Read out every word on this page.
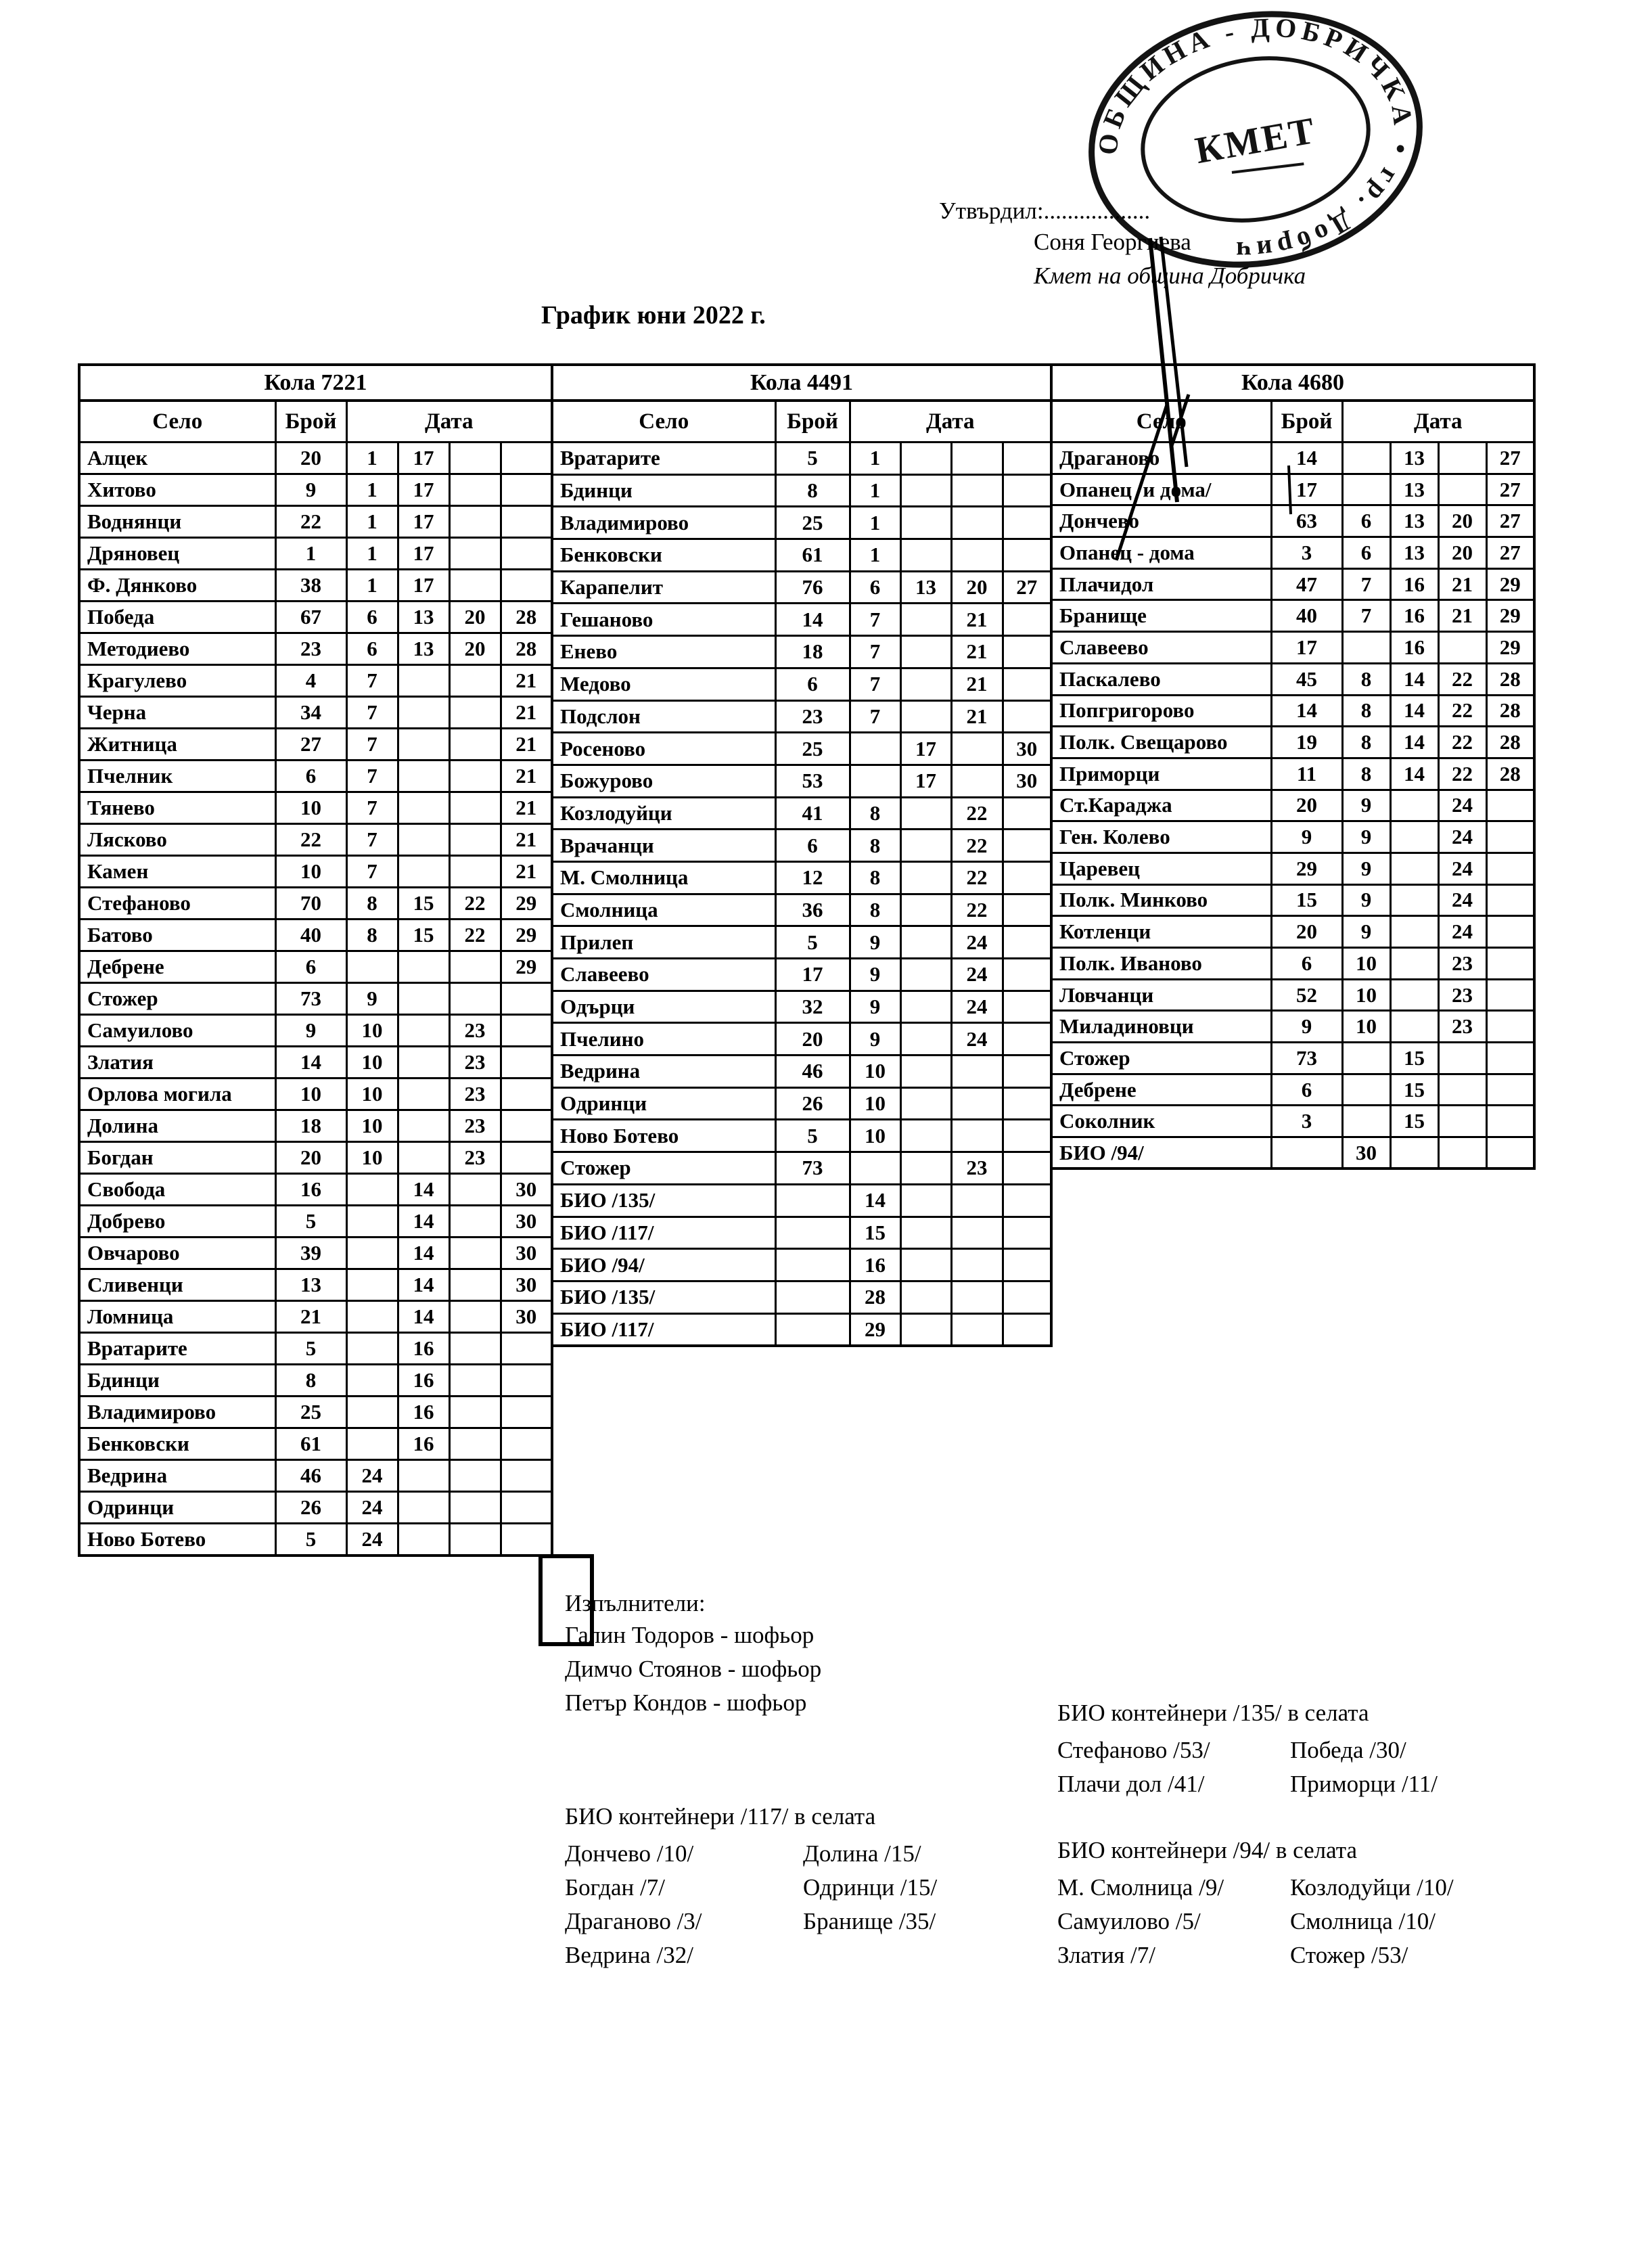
Утвърдил:..................
Соня Георгиева
Кмет на община Добричка
ОБЩИНА - ДОБРИЧКА • гр. Добрич
КМЕТ
График юни 2022 г.
Кола 7221					
Село	Брой	Дата			
Алцек	20	1	17		
Хитово	9	1	17		
Воднянци	22	1	17		
Дряновец	1	1	17		
Ф. Дянково	38	1	17		
Победа	67	6	13	20	28
Методиево	23	6	13	20	28
Крагулево	4	7			21
Черна	34	7			21
Житница	27	7			21
Пчелник	6	7			21
Тянево	10	7			21
Лясково	22	7			21
Камен	10	7			21
Стефаново	70	8	15	22	29
Батово	40	8	15	22	29
Дебрене	6				29
Стожер	73	9			
Самуилово	9	10		23	
Златия	14	10		23	
Орлова могила	10	10		23	
Долина	18	10		23	
Богдан	20	10		23	
Свобода	16		14		30
Добрево	5		14		30
Овчарово	39		14		30
Сливенци	13		14		30
Ломница	21		14		30
Вратарите	5		16		
Бдинци	8		16		
Владимирово	25		16		
Бенковски	61		16		
Ведрина	46	24			
Одринци	26	24			
Ново Ботево	5	24			
Кола 4491					
Село	Брой	Дата			
Вратарите	5	1			
Бдинци	8	1			
Владимирово	25	1			
Бенковски	61	1			
Карапелит	76	6	13	20	27
Гешаново	14	7		21	
Енево	18	7		21	
Медово	6	7		21	
Подслон	23	7		21	
Росеново	25		17		30
Божурово	53		17		30
Козлодуйци	41	8		22	
Врачанци	6	8		22	
М. Смолница	12	8		22	
Смолница	36	8		22	
Прилеп	5	9		24	
Славеево	17	9		24	
Одърци	32	9		24	
Пчелино	20	9		24	
Ведрина	46	10			
Одринци	26	10			
Ново Ботево	5	10			
Стожер	73			23	
БИО /135/		14			
БИО /117/		15			
БИО /94/		16			
БИО /135/		28			
БИО /117/		29			
Кола 4680					
Село	Брой	Дата			
Драганово	14		13		27
Опанец /и дома/	17		13		27
Дончево	63	6	13	20	27
Опанец - дома	3	6	13	20	27
Плачидол	47	7	16	21	29
Бранище	40	7	16	21	29
Славеево	17		16		29
Паскалево	45	8	14	22	28
Попгригорово	14	8	14	22	28
Полк. Свещарово	19	8	14	22	28
Приморци	11	8	14	22	28
Ст.Караджа	20	9		24	
Ген. Колево	9	9		24	
Царевец	29	9		24	
Полк. Минково	15	9		24	
Котленци	20	9		24	
Полк. Иваново	6	10		23	
Ловчанци	52	10		23	
Миладиновци	9	10		23	
Стожер	73		15		
Дебрене	6		15		
Соколник	3		15		
БИО /94/		30			
Изпълнители:
Галин Тодоров - шофьор
Димчо Стоянов - шофьор
Петър Кондов - шофьор
БИО контейнери /117/ в селата
Дончево /10/
Богдан /7/
Драганово /3/
Ведрина /32/
Долина /15/
Одринци /15/
Бранище /35/
БИО контейнери /135/ в селата
Стефаново /53/
Плачи дол /41/
Победа /30/
Приморци /11/
БИО контейнери /94/ в селата
М. Смолница /9/
Самуилово /5/
Златия /7/
Козлодуйци /10/
Смолница /10/
Стожер /53/
